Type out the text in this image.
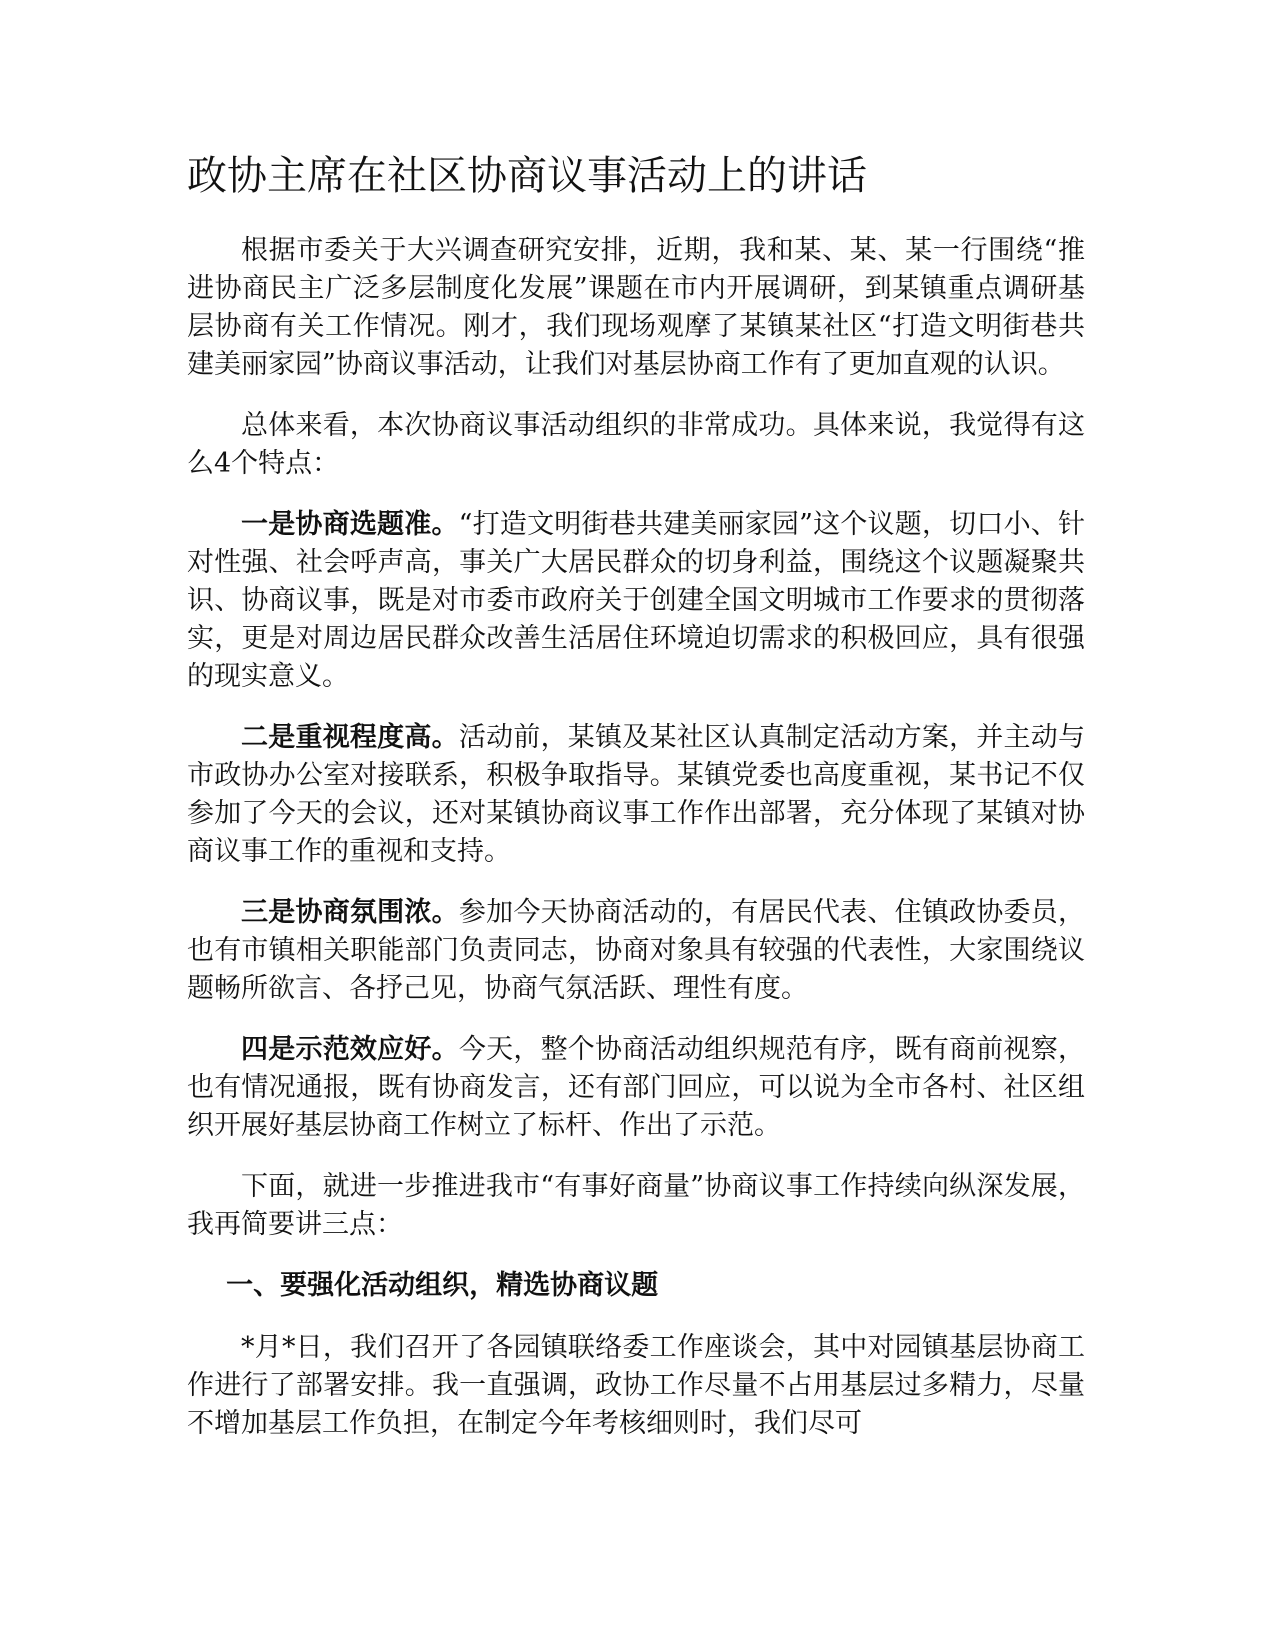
政协主席在社区协商议事活动上的讲话

根据市委关于大兴调查研究安排，近期，我和某、某、某一行围绕“推进协商民主广泛多层制度化发展”课题在市内开展调研，到某镇重点调研基层协商有关工作情况。刚才，我们现场观摩了某镇某社区“打造文明街巷共建美丽家园”协商议事活动，让我们对基层协商工作有了更加直观的认识。

总体来看，本次协商议事活动组织的非常成功。具体来说，我觉得有这么4个特点：

一是协商选题准。“打造文明街巷共建美丽家园”这个议题，切口小、针对性强、社会呼声高，事关广大居民群众的切身利益，围绕这个议题凝聚共识、协商议事，既是对市委市政府关于创建全国文明城市工作要求的贯彻落实，更是对周边居民群众改善生活居住环境迫切需求的积极回应，具有很强的现实意义。

二是重视程度高。活动前，某镇及某社区认真制定活动方案，并主动与市政协办公室对接联系，积极争取指导。某镇党委也高度重视，某书记不仅参加了今天的会议，还对某镇协商议事工作作出部署，充分体现了某镇对协商议事工作的重视和支持。

三是协商氛围浓。参加今天协商活动的，有居民代表、住镇政协委员，也有市镇相关职能部门负责同志，协商对象具有较强的代表性，大家围绕议题畅所欲言、各抒己见，协商气氛活跃、理性有度。

四是示范效应好。今天，整个协商活动组织规范有序，既有商前视察，也有情况通报，既有协商发言，还有部门回应，可以说为全市各村、社区组织开展好基层协商工作树立了标杆、作出了示范。

下面，就进一步推进我市“有事好商量”协商议事工作持续向纵深发展，我再简要讲三点：

一、要强化活动组织，精选协商议题

*月*日，我们召开了各园镇联络委工作座谈会，其中对园镇基层协商工作进行了部署安排。我一直强调，政协工作尽量不占用基层过多精力，尽量不增加基层工作负担，在制定今年考核细则时，我们尽可
